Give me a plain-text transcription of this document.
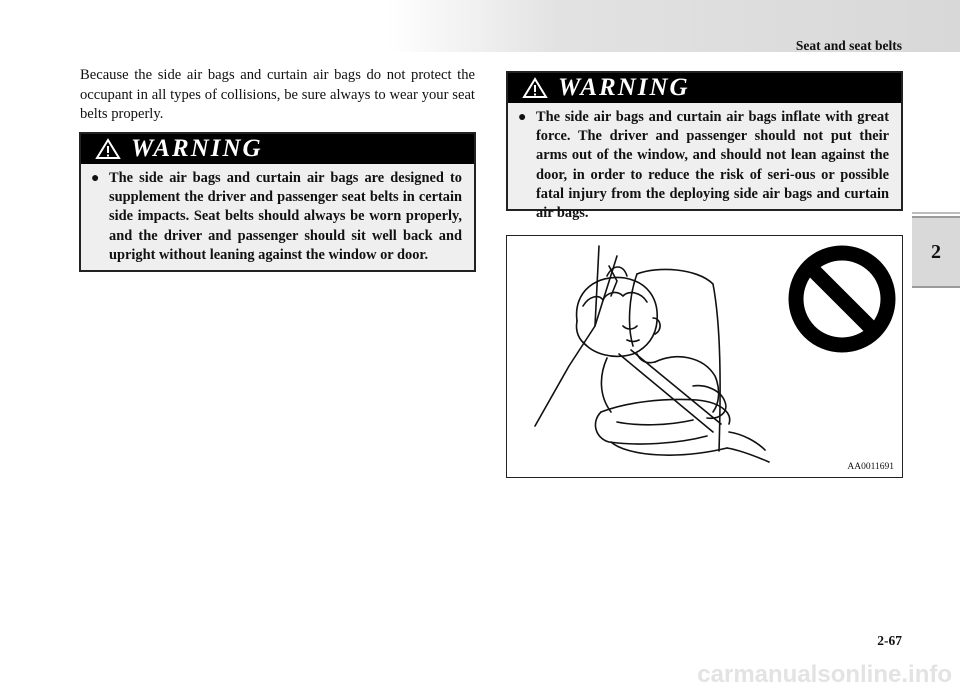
Seat and seat belts
2

Because the side air bags and curtain air bags do not protect the occupant in all types of collisions, be sure always to wear your seat belts properly.

WARNING
● The side air bags and curtain air bags are designed to supplement the driver and passenger seat belts in certain side impacts. Seat belts should always be worn properly, and the driver and passenger should sit well back and upright without leaning against the window or door.
WARNING
● The side air bags and curtain air bags inflate with great force. The driver and passenger should not put their arms out of the window, and should not lean against the door, in order to reduce the risk of seri-ous or possible fatal injury from the deploying side air bags and curtain air bags.
AA0011691
2-67
carmanualsonline.info
